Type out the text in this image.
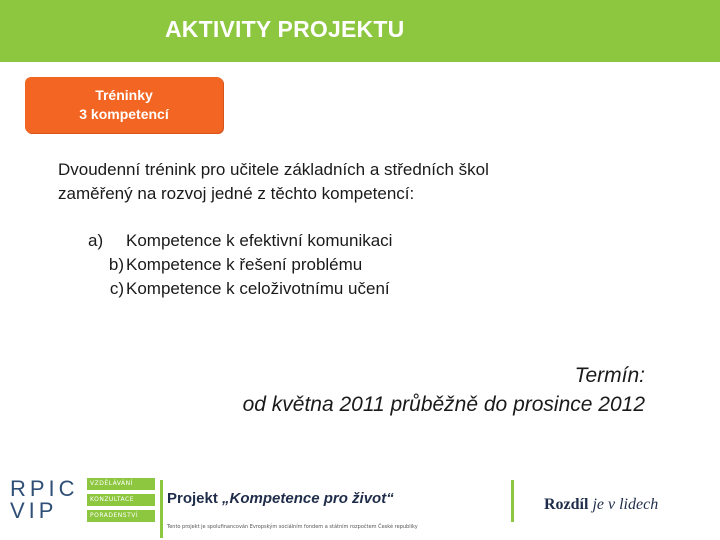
AKTIVITY PROJEKTU
Tréninky
3 kompetencí
Dvoudenní trénink pro učitele základních a středních škol
zaměřený na rozvoj jedné z těchto kompetencí:
a)	Kompetence k efektivní komunikaci
b) Kompetence k řešení problému
c) Kompetence k celoživotnímu učení
Termín:
od května 2011 průběžně do prosince 2012
RPIC
VIP
VZDĚLÁVÁNÍ
KONZULTACE
PORADENSTVÍ
Projekt „Kompetence pro život“
Tento projekt je spolufinancován Evropským sociálním fondem a státním rozpočtem České republiky
Rozdíl je v lidech
